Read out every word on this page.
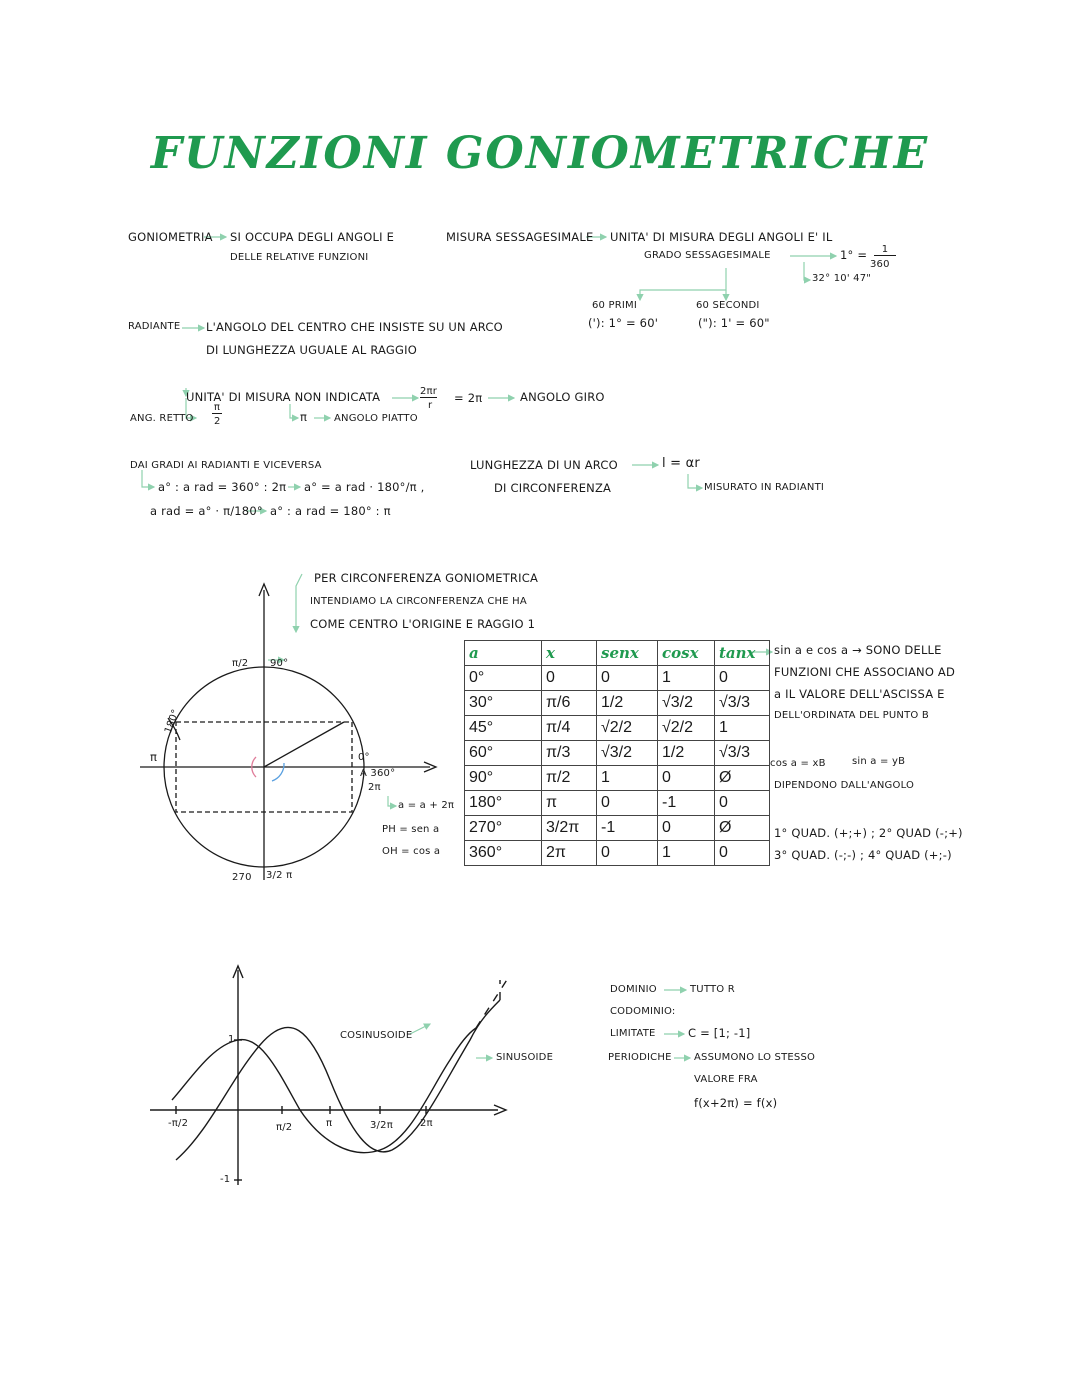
FUNZIONI GONIOMETRICHE
GONIOMETRIA SI OCCUPA DEGLI ANGOLI E
DELLE RELATIVE FUNZIONI
MISURA SESSAGESIMALE UNITA' DI MISURA DEGLI ANGOLI E' IL
GRADO SESSAGESIMALE	1° =	1
360
32° 10' 47"
60 PRIMI
('): 1° = 60'
60 SECONDI
("): 1' = 60"
RADIANTE L'ANGOLO DEL CENTRO CHE INSISTE SU UN ARCO
DI LUNGHEZZA UGUALE AL RAGGIO
UNITA' DI MISURA NON INDICATA	2πr
r
= 2π	ANGOLO GIRO
ANG. RETTO
π
2	π	ANGOLO PIATTO
DAI GRADI AI RADIANTI E VICEVERSA
a° : a rad = 360° : 2π a° = a rad · 180°/π ,
a rad = a° · π/180° a° : a rad = 180° : π
LUNGHEZZA DI UN ARCO
DI CIRCONFERENZA
l = αr
MISURATO IN RADIANTI
PER CIRCONFERENZA GONIOMETRICA
INTENDIAMO LA CIRCONFERENZA CHE HA
COME CENTRO L'ORIGINE E RAGGIO 1
π/2 90°
π
180°
0°
A 360°
2π
270 3/2 π
a = a + 2π
PH = sen a
OH = cos a
a	x	senx	cosx	tanx
0°	0	0	1	0
30°	π/6	1/2	√3/2	√3/3
45°	π/4	√2/2	√2/2	1
60°	π/3	√3/2	1/2	√3/3
90°	π/2	1	0	Ø
180°	π	0	-1	0
270°	3/2π	-1	0	Ø
360°	2π	0	1	0
sin a e cos a → SONO DELLE
FUNZIONI CHE ASSOCIANO AD
a IL VALORE DELL'ASCISSA E
DELL'ORDINATA DEL PUNTO B
cos a = xB	sin a = yB
DIPENDONO DALL'ANGOLO
1° QUAD. (+;+) ; 2° QUAD (-;+)
3° QUAD. (-;-) ; 4° QUAD (+;-)
COSINUSOIDE
SINUSOIDE
1
-1
-π/2	π/2	π	3/2π	2π
DOMINIO	TUTTO R
CODOMINIO:
LIMITATE	C = [1; -1]
PERIODICHE ASSUMONO LO STESSO
VALORE FRA
f(x+2π) = f(x)
